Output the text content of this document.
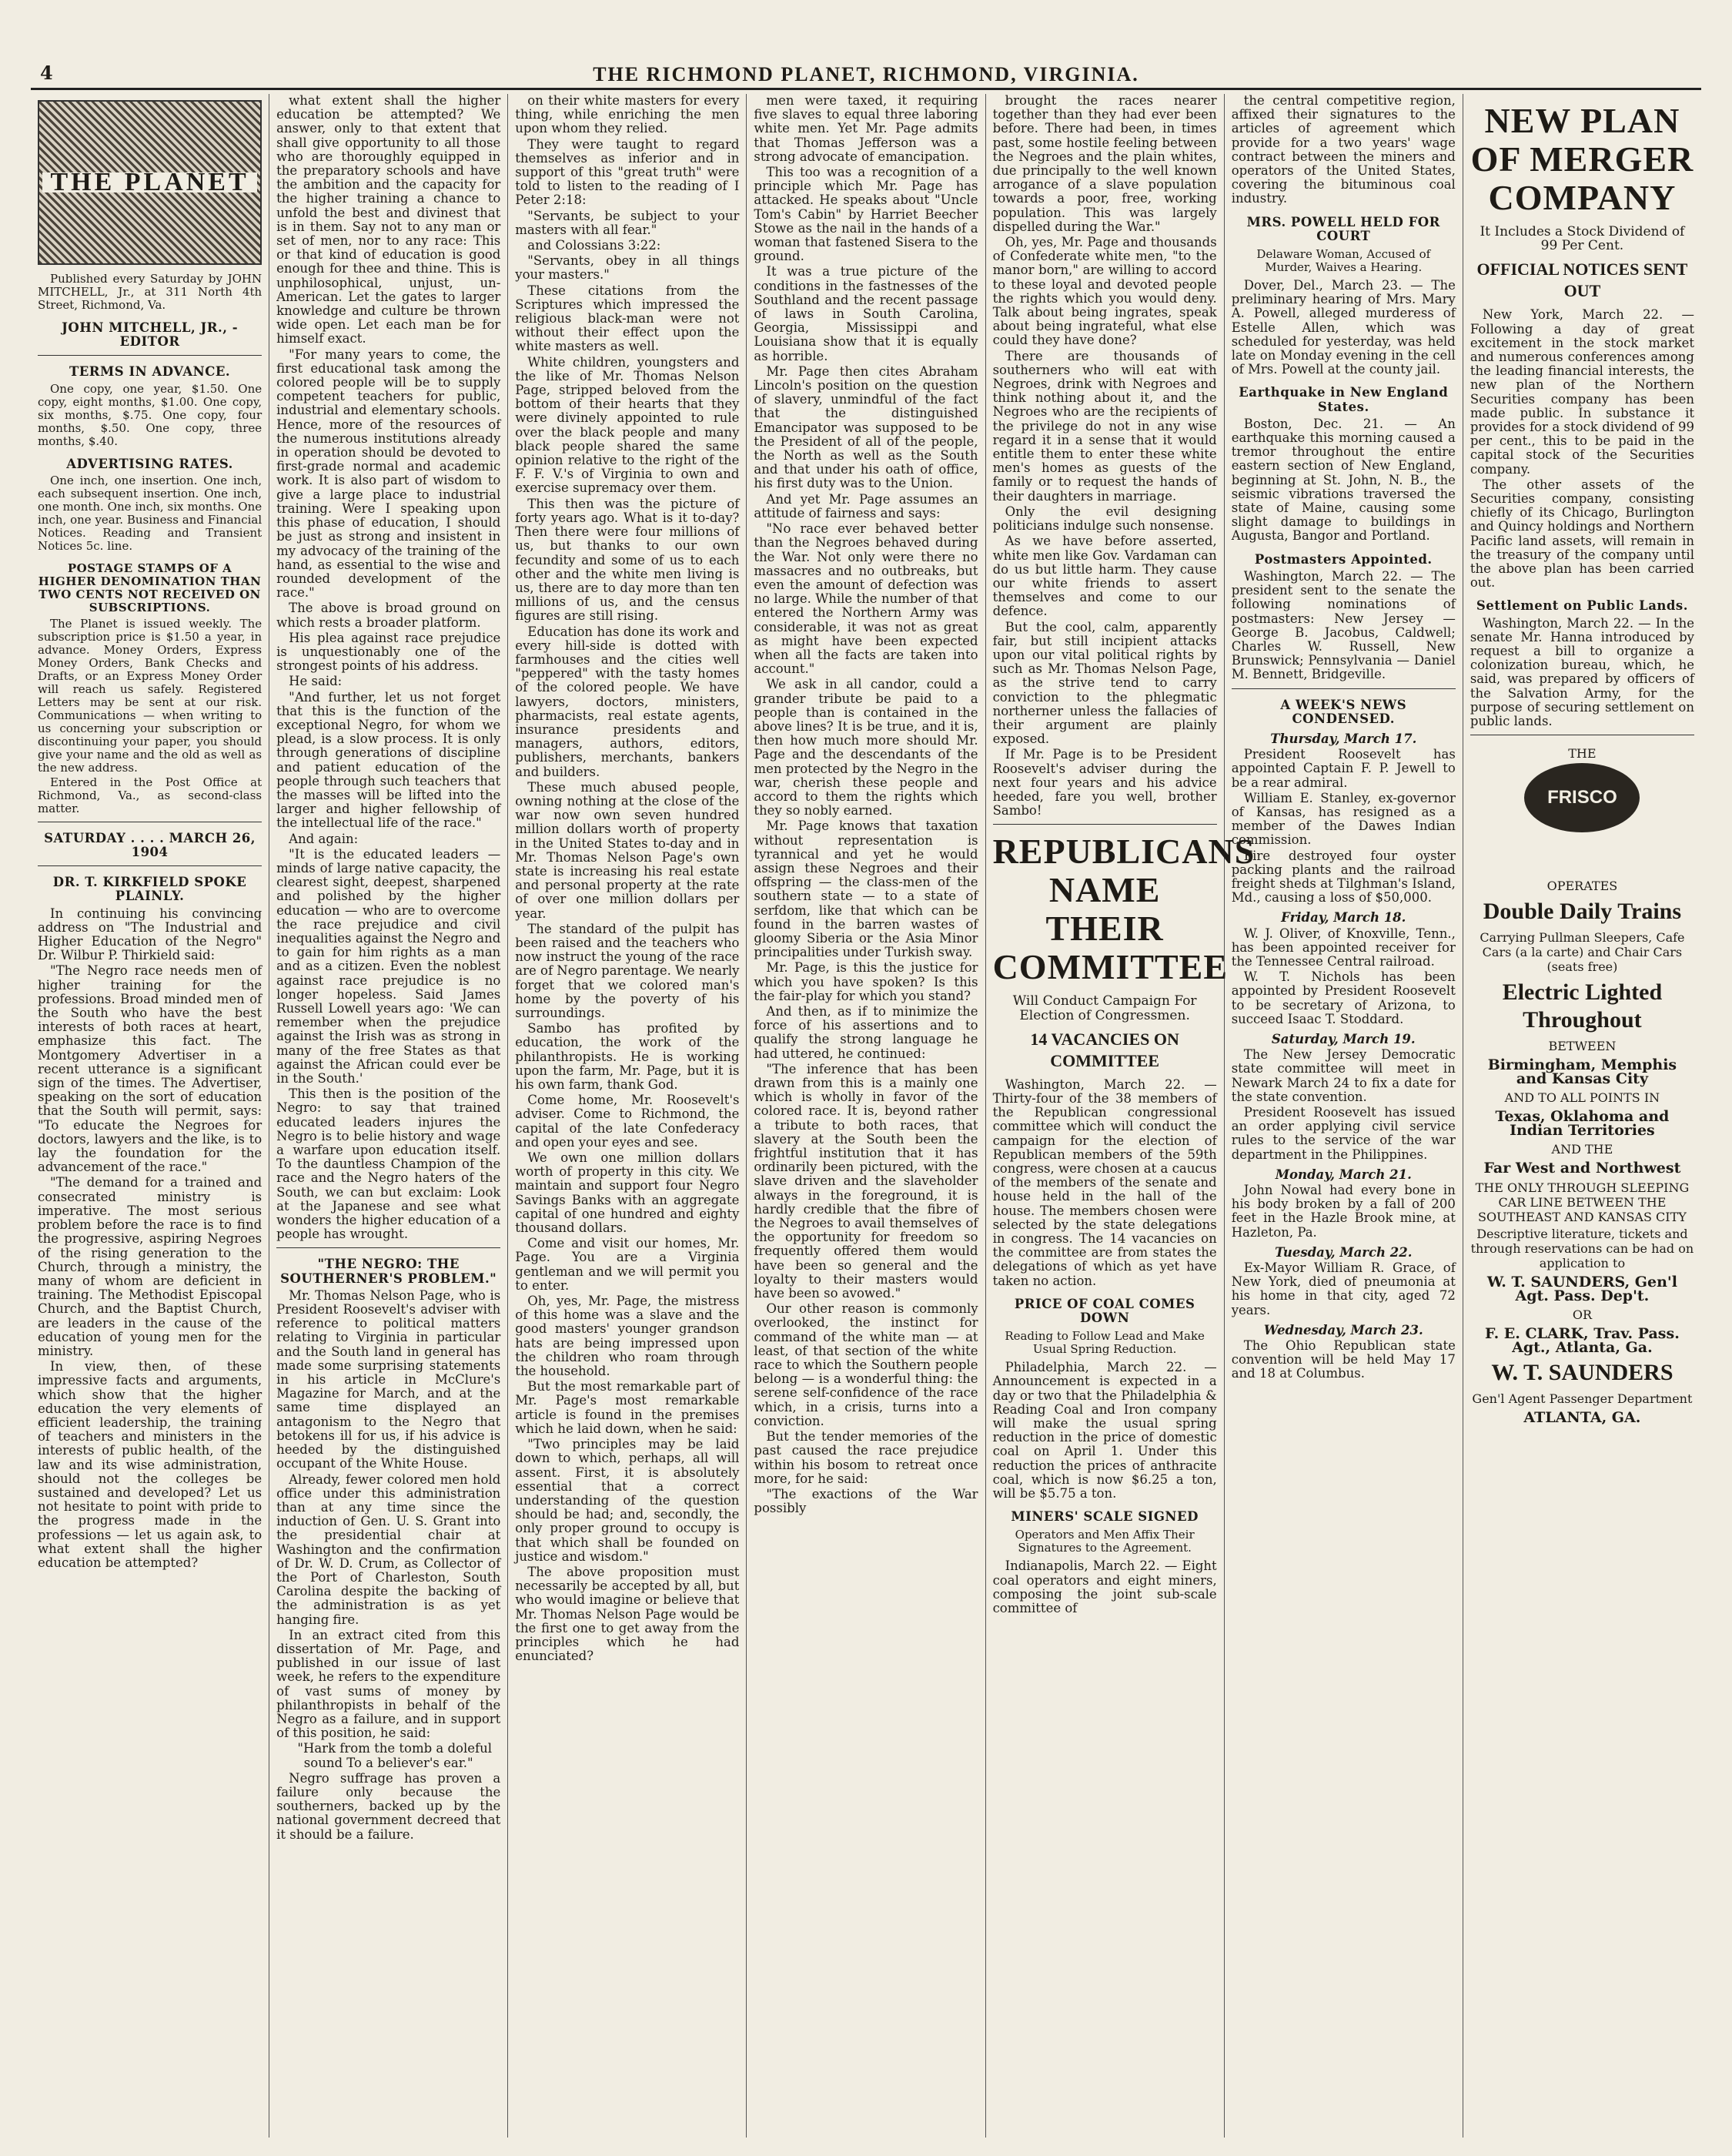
4	THE RICHMOND PLANET, RICHMOND, VIRGINIA.
THE PLANET

Published every Saturday by JOHN MITCHELL, Jr., at 311 North 4th Street, Richmond, Va.

JOHN MITCHELL, JR., - EDITOR
TERMS IN ADVANCE.

One copy, one year, $1.50. One copy, eight months, $1.00. One copy, six months, $.75. One copy, four months, $.50. One copy, three months, $.40.

ADVERTISING RATES.

One inch, one insertion. One inch, each subsequent insertion. One inch, one month. One inch, six months. One inch, one year. Business and Financial Notices. Reading and Transient Notices 5c. line.

POSTAGE STAMPS OF A HIGHER DENOMINATION THAN TWO CENTS NOT RECEIVED ON SUBSCRIPTIONS.

The Planet is issued weekly. The subscription price is $1.50 a year, in advance. Money Orders, Express Money Orders, Bank Checks and Drafts, or an Express Money Order will reach us safely. Registered Letters may be sent at our risk. Communications — when writing to us concerning your subscription or discontinuing your paper, you should give your name and the old as well as the new address.

Entered in the Post Office at Richmond, Va., as second-class matter.

SATURDAY . . . . MARCH 26, 1904
DR. T. KIRKFIELD SPOKE PLAINLY.

In continuing his convincing address on "The Industrial and Higher Education of the Negro" Dr. Wilbur P. Thirkield said:

"The Negro race needs men of higher training for the professions. Broad minded men of the South who have the best interests of both races at heart, emphasize this fact. The Montgomery Advertiser in a recent utterance is a significant sign of the times. The Advertiser, speaking on the sort of education that the South will permit, says: "To educate the Negroes for doctors, lawyers and the like, is to lay the foundation for the advancement of the race."

"The demand for a trained and consecrated ministry is imperative. The most serious problem before the race is to find the progressive, aspiring Negroes of the rising generation to the Church, through a ministry, the many of whom are deficient in training. The Methodist Episcopal Church, and the Baptist Church, are leaders in the cause of the education of young men for the ministry.

In view, then, of these impressive facts and arguments, which show that the higher education the very elements of efficient leadership, the training of teachers and ministers in the interests of public health, of the law and its wise administration, should not the colleges be sustained and developed? Let us not hesitate to point with pride to the progress made in the professions — let us again ask, to what extent shall the higher education be attempted?

what extent shall the higher education be attempted? We answer, only to that extent that shall give opportunity to all those who are thoroughly equipped in the preparatory schools and have the ambition and the capacity for the higher training a chance to unfold the best and divinest that is in them. Say not to any man or set of men, nor to any race: This or that kind of education is good enough for thee and thine. This is unphilosophical, unjust, un-American. Let the gates to larger knowledge and culture be thrown wide open. Let each man be for himself exact.

"For many years to come, the first educational task among the colored people will be to supply competent teachers for public, industrial and elementary schools. Hence, more of the resources of the numerous institutions already in operation should be devoted to first-grade normal and academic work. It is also part of wisdom to give a large place to industrial training. Were I speaking upon this phase of education, I should be just as strong and insistent in my advocacy of the training of the hand, as essential to the wise and rounded development of the race."

The above is broad ground on which rests a broader platform.

His plea against race prejudice is unquestionably one of the strongest points of his address.

He said:

"And further, let us not forget that this is the function of the exceptional Negro, for whom we plead, is a slow process. It is only through generations of discipline and patient education of the people through such teachers that the masses will be lifted into the larger and higher fellowship of the intellectual life of the race."

And again:

"It is the educated leaders — minds of large native capacity, the clearest sight, deepest, sharpened and polished by the higher education — who are to overcome the race prejudice and civil inequalities against the Negro and to gain for him rights as a man and as a citizen. Even the noblest against race prejudice is no longer hopeless. Said James Russell Lowell years ago: 'We can remember when the prejudice against the Irish was as strong in many of the free States as that against the African could ever be in the South.'

This then is the position of the Negro: to say that trained educated leaders injures the Negro is to belie history and wage a warfare upon education itself. To the dauntless Champion of the race and the Negro haters of the South, we can but exclaim: Look at the Japanese and see what wonders the higher education of a people has wrought.

"THE NEGRO: THE SOUTHERNER'S PROBLEM."

Mr. Thomas Nelson Page, who is President Roosevelt's adviser with reference to political matters relating to Virginia in particular and the South land in general has made some surprising statements in his article in McClure's Magazine for March, and at the same time displayed an antagonism to the Negro that betokens ill for us, if his advice is heeded by the distinguished occupant of the White House.

Already, fewer colored men hold office under this administration than at any time since the induction of Gen. U. S. Grant into the presidential chair at Washington and the confirmation of Dr. W. D. Crum, as Collector of the Port of Charleston, South Carolina despite the backing of the administration is as yet hanging fire.

In an extract cited from this dissertation of Mr. Page, and published in our issue of last week, he refers to the expenditure of vast sums of money by philanthropists in behalf of the Negro as a failure, and in support of this position, he said:

"Hark from the tomb a doleful sound To a believer's ear."

Negro suffrage has proven a failure only because the southerners, backed up by the national government decreed that it should be a failure.

on their white masters for every thing, while enriching the men upon whom they relied.

They were taught to regard themselves as inferior and in support of this "great truth" were told to listen to the reading of I Peter 2:18:

"Servants, be subject to your masters with all fear."

and Colossians 3:22:

"Servants, obey in all things your masters."

These citations from the Scriptures which impressed the religious black-man were not without their effect upon the white masters as well.

White children, youngsters and the like of Mr. Thomas Nelson Page, stripped beloved from the bottom of their hearts that they were divinely appointed to rule over the black people and many black people shared the same opinion relative to the right of the F. F. V.'s of Virginia to own and exercise supremacy over them.

This then was the picture of forty years ago. What is it to-day? Then there were four millions of us, but thanks to our own fecundity and some of us to each other and the white men living is us, there are to day more than ten millions of us, and the census figures are still rising.

Education has done its work and every hill-side is dotted with farmhouses and the cities well "peppered" with the tasty homes of the colored people. We have lawyers, doctors, ministers, pharmacists, real estate agents, insurance presidents and managers, authors, editors, publishers, merchants, bankers and builders.

These much abused people, owning nothing at the close of the war now own seven hundred million dollars worth of property in the United States to-day and in Mr. Thomas Nelson Page's own state is increasing his real estate and personal property at the rate of over one million dollars per year.

The standard of the pulpit has been raised and the teachers who now instruct the young of the race are of Negro parentage. We nearly forget that we colored man's home by the poverty of his surroundings.

Sambo has profited by education, the work of the philanthropists. He is working upon the farm, Mr. Page, but it is his own farm, thank God.

Come home, Mr. Roosevelt's adviser. Come to Richmond, the capital of the late Confederacy and open your eyes and see.

We own one million dollars worth of property in this city. We maintain and support four Negro Savings Banks with an aggregate capital of one hundred and eighty thousand dollars.

Come and visit our homes, Mr. Page. You are a Virginia gentleman and we will permit you to enter.

Oh, yes, Mr. Page, the mistress of this home was a slave and the good masters' younger grandson hats are being impressed upon the children who roam through the household.

But the most remarkable part of Mr. Page's most remarkable article is found in the premises which he laid down, when he said:

"Two principles may be laid down to which, perhaps, all will assent. First, it is absolutely essential that a correct understanding of the question should be had; and, secondly, the only proper ground to occupy is that which shall be founded on justice and wisdom."

The above proposition must necessarily be accepted by all, but who would imagine or believe that Mr. Thomas Nelson Page would be the first one to get away from the principles which he had enunciated?

men were taxed, it requiring five slaves to equal three laboring white men. Yet Mr. Page admits that Thomas Jefferson was a strong advocate of emancipation.

This too was a recognition of a principle which Mr. Page has attacked. He speaks about "Uncle Tom's Cabin" by Harriet Beecher Stowe as the nail in the hands of a woman that fastened Sisera to the ground.

It was a true picture of the conditions in the fastnesses of the Southland and the recent passage of laws in South Carolina, Georgia, Mississippi and Louisiana show that it is equally as horrible.

Mr. Page then cites Abraham Lincoln's position on the question of slavery, unmindful of the fact that the distinguished Emancipator was supposed to be the President of all of the people, the North as well as the South and that under his oath of office, his first duty was to the Union.

And yet Mr. Page assumes an attitude of fairness and says:

"No race ever behaved better than the Negroes behaved during the War. Not only were there no massacres and no outbreaks, but even the amount of defection was no large. While the number of that entered the Northern Army was considerable, it was not as great as might have been expected when all the facts are taken into account."

We ask in all candor, could a grander tribute be paid to a people than is contained in the above lines? It is be true, and it is, then how much more should Mr. Page and the descendants of the men protected by the Negro in the war, cherish these people and accord to them the rights which they so nobly earned.

Mr. Page knows that taxation without representation is tyrannical and yet he would assign these Negroes and their offspring — the class-men of the southern state — to a state of serfdom, like that which can be found in the barren wastes of gloomy Siberia or the Asia Minor principalities under Turkish sway.

Mr. Page, is this the justice for which you have spoken? Is this the fair-play for which you stand?

And then, as if to minimize the force of his assertions and to qualify the strong language he had uttered, he continued:

"The inference that has been drawn from this is a mainly one which is wholly in favor of the colored race. It is, beyond rather a tribute to both races, that slavery at the South been the frightful institution that it has ordinarily been pictured, with the slave driven and the slaveholder always in the foreground, it is hardly credible that the fibre of the Negroes to avail themselves of the opportunity for freedom so frequently offered them would have been so general and the loyalty to their masters would have been so avowed."

Our other reason is commonly overlooked, the instinct for command of the white man — at least, of that section of the white race to which the Southern people belong — is a wonderful thing: the serene self-confidence of the race which, in a crisis, turns into a conviction.

But the tender memories of the past caused the race prejudice within his bosom to retreat once more, for he said:

"The exactions of the War possibly

brought the races nearer together than they had ever been before. There had been, in times past, some hostile feeling between the Negroes and the plain whites, due principally to the well known arrogance of a slave population towards a poor, free, working population. This was largely dispelled during the War."

Oh, yes, Mr. Page and thousands of Confederate white men, "to the manor born," are willing to accord to these loyal and devoted people the rights which you would deny. Talk about being ingrates, speak about being ingrateful, what else could they have done?

There are thousands of southerners who will eat with Negroes, drink with Negroes and think nothing about it, and the Negroes who are the recipients of the privilege do not in any wise regard it in a sense that it would entitle them to enter these white men's homes as guests of the family or to request the hands of their daughters in marriage.

Only the evil designing politicians indulge such nonsense.

As we have before asserted, white men like Gov. Vardaman can do us but little harm. They cause our white friends to assert themselves and come to our defence.

But the cool, calm, apparently fair, but still incipient attacks upon our vital political rights by such as Mr. Thomas Nelson Page, as the strive tend to carry conviction to the phlegmatic northerner unless the fallacies of their argument are plainly exposed.

If Mr. Page is to be President Roosevelt's adviser during the next four years and his advice heeded, fare you well, brother Sambo!

REPUBLICANS NAME THEIR COMMITTEE
Will Conduct Campaign For Election of Congressmen.
14 VACANCIES ON COMMITTEE

Washington, March 22. — Thirty-four of the 38 members of the Republican congressional committee which will conduct the campaign for the election of Republican members of the 59th congress, were chosen at a caucus of the members of the senate and house held in the hall of the house. The members chosen were selected by the state delegations in congress. The 14 vacancies on the committee are from states the delegations of which as yet have taken no action.

PRICE OF COAL COMES DOWN
Reading to Follow Lead and Make Usual Spring Reduction.

Philadelphia, March 22. — Announcement is expected in a day or two that the Philadelphia & Reading Coal and Iron company will make the usual spring reduction in the price of domestic coal on April 1. Under this reduction the prices of anthracite coal, which is now $6.25 a ton, will be $5.75 a ton.

MINERS' SCALE SIGNED
Operators and Men Affix Their Signatures to the Agreement.

Indianapolis, March 22. — Eight coal operators and eight miners, composing the joint sub-scale committee of

the central competitive region, affixed their signatures to the articles of agreement which provide for a two years' wage contract between the miners and operators of the United States, covering the bituminous coal industry.

MRS. POWELL HELD FOR COURT
Delaware Woman, Accused of Murder, Waives a Hearing.

Dover, Del., March 23. — The preliminary hearing of Mrs. Mary A. Powell, alleged murderess of Estelle Allen, which was scheduled for yesterday, was held late on Monday evening in the cell of Mrs. Powell at the county jail.

Earthquake in New England States.

Boston, Dec. 21. — An earthquake this morning caused a tremor throughout the entire eastern section of New England, beginning at St. John, N. B., the seismic vibrations traversed the state of Maine, causing some slight damage to buildings in Augusta, Bangor and Portland.

Postmasters Appointed.

Washington, March 22. — The president sent to the senate the following nominations of postmasters: New Jersey — George B. Jacobus, Caldwell; Charles W. Russell, New Brunswick; Pennsylvania — Daniel M. Bennett, Bridgeville.

A WEEK'S NEWS CONDENSED.
Thursday, March 17.

President Roosevelt has appointed Captain F. P. Jewell to be a rear admiral.

William E. Stanley, ex-governor of Kansas, has resigned as a member of the Dawes Indian commission.

Fire destroyed four oyster packing plants and the railroad freight sheds at Tilghman's Island, Md., causing a loss of $50,000.

Friday, March 18.

W. J. Oliver, of Knoxville, Tenn., has been appointed receiver for the Tennessee Central railroad.

W. T. Nichols has been appointed by President Roosevelt to be secretary of Arizona, to succeed Isaac T. Stoddard.

Saturday, March 19.

The New Jersey Democratic state committee will meet in Newark March 24 to fix a date for the state convention.

President Roosevelt has issued an order applying civil service rules to the service of the war department in the Philippines.

Monday, March 21.

John Nowal had every bone in his body broken by a fall of 200 feet in the Hazle Brook mine, at Hazleton, Pa.

Tuesday, March 22.

Ex-Mayor William R. Grace, of New York, died of pneumonia at his home in that city, aged 72 years.

Wednesday, March 23.

The Ohio Republican state convention will be held May 17 and 18 at Columbus.

NEW PLAN OF MERGER COMPANY
It Includes a Stock Dividend of 99 Per Cent.
OFFICIAL NOTICES SENT OUT

New York, March 22. — Following a day of great excitement in the stock market and numerous conferences among the leading financial interests, the new plan of the Northern Securities company has been made public. In substance it provides for a stock dividend of 99 per cent., this to be paid in the capital stock of the Securities company.

The other assets of the Securities company, consisting chiefly of its Chicago, Burlington and Quincy holdings and Northern Pacific land assets, will remain in the treasury of the company until the above plan has been carried out.

Settlement on Public Lands.

Washington, March 22. — In the senate Mr. Hanna introduced by request a bill to organize a colonization bureau, which, he said, was prepared by officers of the Salvation Army, for the purpose of securing settlement on public lands.

THE
FRISCO SYSTEM
OPERATES
Double Daily Trains
Carrying Pullman Sleepers, Cafe Cars (a la carte) and Chair Cars (seats free)
Electric Lighted Throughout
BETWEEN
Birmingham, Memphis and Kansas City
AND TO ALL POINTS IN
Texas, Oklahoma and Indian Territories
AND THE
Far West and Northwest
THE ONLY THROUGH SLEEPING CAR LINE BETWEEN THE SOUTHEAST AND KANSAS CITY
Descriptive literature, tickets and through reservations can be had on application to
W. T. SAUNDERS, Gen'l Agt. Pass. Dep't.
OR
F. E. CLARK, Trav. Pass. Agt., Atlanta, Ga.
W. T. SAUNDERS
Gen'l Agent Passenger Department
ATLANTA, GA.
